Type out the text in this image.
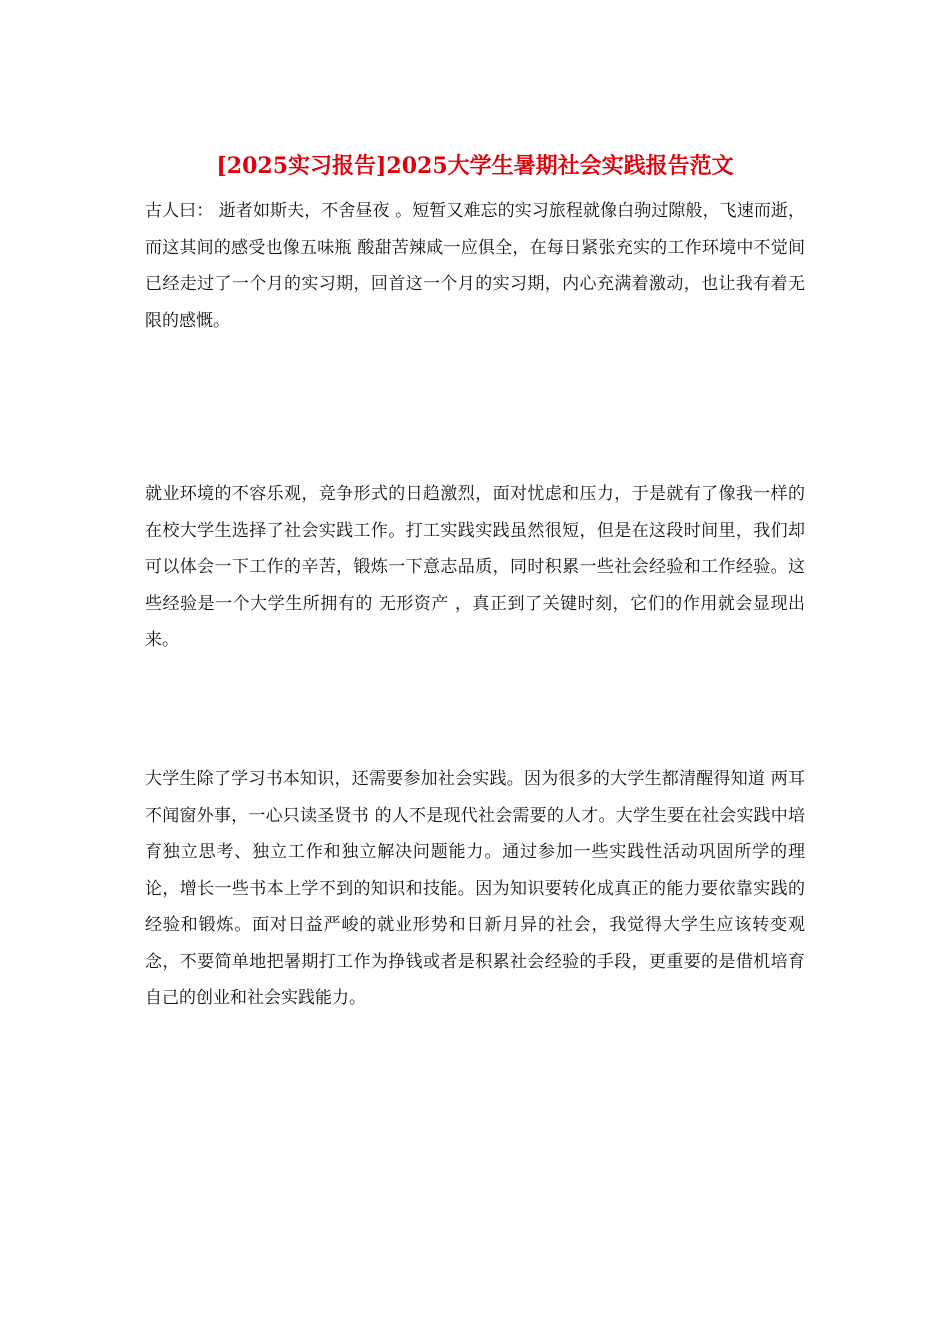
[2025实习报告]2025大学生暑期社会实践报告范文

古人曰： 逝者如斯夫，不舍昼夜 。短暂又难忘的实习旅程就像白驹过隙般，飞速而逝，而这其间的感受也像五味瓶 酸甜苦辣咸一应俱全，在每日紧张充实的工作环境中不觉间已经走过了一个月的实习期，回首这一个月的实习期，内心充满着激动，也让我有着无限的感慨。

就业环境的不容乐观，竞争形式的日趋激烈，面对忧虑和压力，于是就有了像我一样的在校大学生选择了社会实践工作。打工实践实践虽然很短，但是在这段时间里，我们却可以体会一下工作的辛苦，锻炼一下意志品质，同时积累一些社会经验和工作经验。这些经验是一个大学生所拥有的 无形资产 ，真正到了关键时刻，它们的作用就会显现出来。

大学生除了学习书本知识，还需要参加社会实践。因为很多的大学生都清醒得知道 两耳不闻窗外事，一心只读圣贤书 的人不是现代社会需要的人才。大学生要在社会实践中培育独立思考、独立工作和独立解决问题能力。通过参加一些实践性活动巩固所学的理论，增长一些书本上学不到的知识和技能。因为知识要转化成真正的能力要依靠实践的经验和锻炼。面对日益严峻的就业形势和日新月异的社会，我觉得大学生应该转变观念，不要简单地把暑期打工作为挣钱或者是积累社会经验的手段，更重要的是借机培育自己的创业和社会实践能力。
